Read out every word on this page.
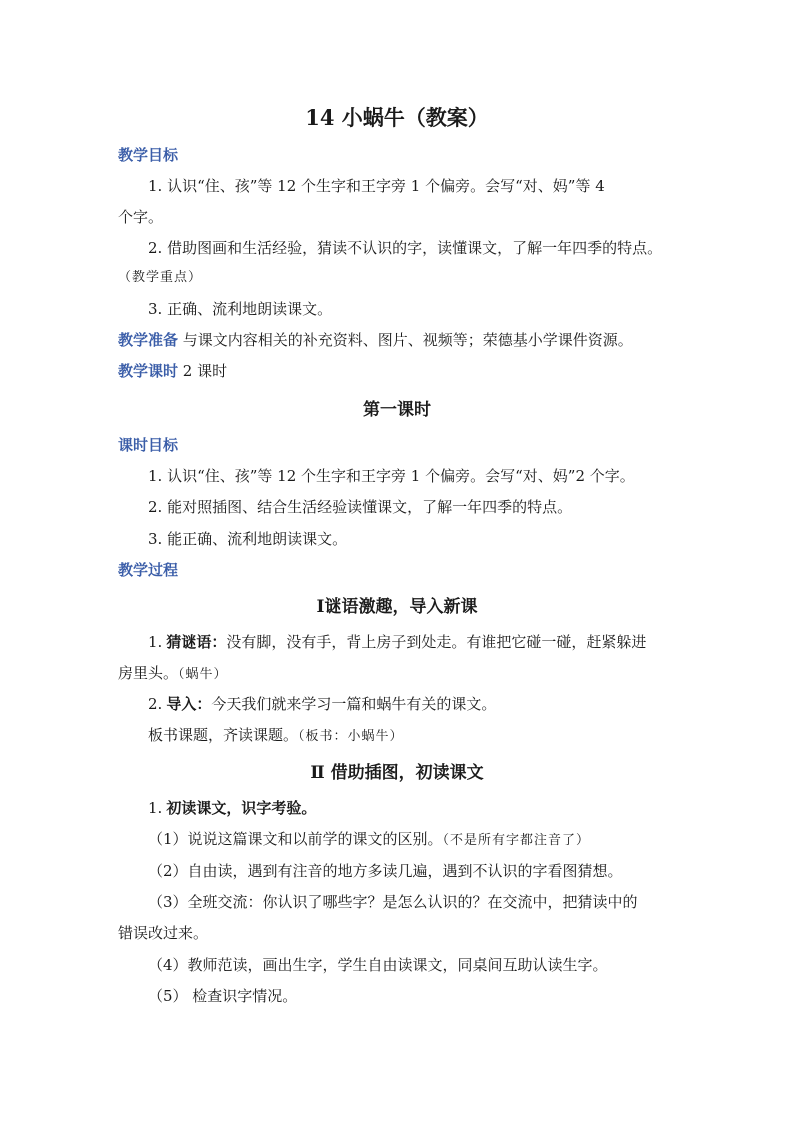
14 小蜗牛（教案）
教学目标
1. 认识“住、孩”等 12 个生字和王字旁 1 个偏旁。会写“对、妈”等 4
个字。
2. 借助图画和生活经验，猜读不认识的字，读懂课文，了解一年四季的特点。
（教学重点）
3. 正确、流利地朗读课文。
教学准备 与课文内容相关的补充资料、图片、视频等；荣德基小学课件资源。
教学课时 2 课时
第一课时
课时目标
1. 认识“住、孩”等 12 个生字和王字旁 1 个偏旁。会写“对、妈”2 个字。
2. 能对照插图、结合生活经验读懂课文，了解一年四季的特点。
3. 能正确、流利地朗读课文。
教学过程
Ⅰ谜语激趣，导入新课
1. 猜谜语：没有脚，没有手，背上房子到处走。有谁把它碰一碰，赶紧躲进
房里头。（蜗牛）
2. 导入：今天我们就来学习一篇和蜗牛有关的课文。
板书课题，齐读课题。（板书：小蜗牛）
Ⅱ 借助插图，初读课文
1. 初读课文，识字考验。
（1）说说这篇课文和以前学的课文的区别。（不是所有字都注音了）
（2）自由读，遇到有注音的地方多读几遍，遇到不认识的字看图猜想。
（3）全班交流：你认识了哪些字？是怎么认识的？在交流中，把猜读中的
错误改过来。
（4）教师范读，画出生字，学生自由读课文，同桌间互助认读生字。
（5） 检查识字情况。
